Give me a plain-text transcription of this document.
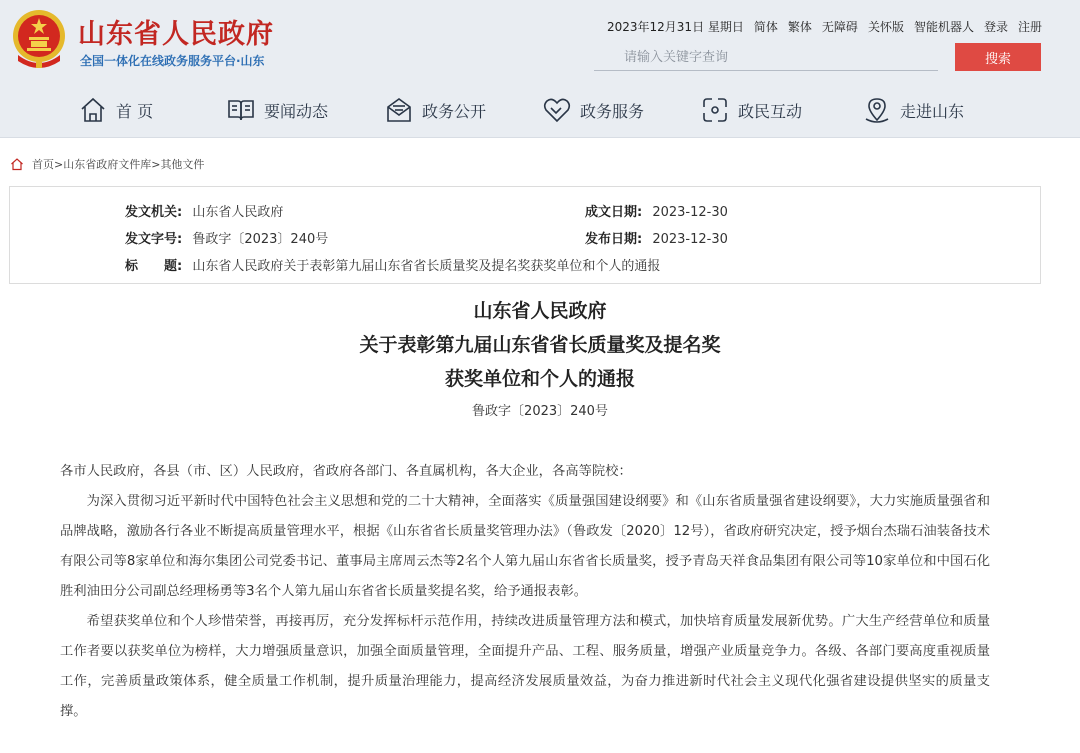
山东省人民政府
全国一体化在线政务服务平台·山东
2023年12月31日 星期日 简体 繁体 无障碍 关怀版 智能机器人 登录 注册
请输入关键字查询
搜索
首 页	要闻动态	政务公开	政务服务	政民互动	走进山东
首页> 山东省政府文件库> 其他文件
发文机关: 山东省人民政府	成文日期: 2023-12-30
发文字号: 鲁政字〔2023〕240号	发布日期: 2023-12-30
标　　题: 山东省人民政府关于表彰第九届山东省省长质量奖及提名奖获奖单位和个人的通报
山东省人民政府
关于表彰第九届山东省省长质量奖及提名奖
获奖单位和个人的通报
鲁政字〔2023〕240号

各市人民政府，各县（市、区）人民政府，省政府各部门、各直属机构，各大企业，各高等院校：

为深入贯彻习近平新时代中国特色社会主义思想和党的二十大精神，全面落实《质量强国建设纲要》和《山东省质量强省建设纲要》，大力实施质量强省和品牌战略，激励各行各业不断提高质量管理水平，根据《山东省省长质量奖管理办法》（鲁政发〔2020〕12号），省政府研究决定，授予烟台杰瑞石油装备技术有限公司等8家单位和海尔集团公司党委书记、董事局主席周云杰等2名个人第九届山东省省长质量奖，授予青岛天祥食品集团有限公司等10家单位和中国石化胜利油田分公司副总经理杨勇等3名个人第九届山东省省长质量奖提名奖，给予通报表彰。

希望获奖单位和个人珍惜荣誉，再接再厉，充分发挥标杆示范作用，持续改进质量管理方法和模式，加快培育质量发展新优势。广大生产经营单位和质量工作者要以获奖单位为榜样，大力增强质量意识，加强全面质量管理，全面提升产品、工程、服务质量，增强产业质量竞争力。各级、各部门要高度重视质量工作，完善质量政策体系，健全质量工作机制，提升质量治理能力，提高经济发展质量效益，为奋力推进新时代社会主义现代化强省建设提供坚实的质量支撑。
